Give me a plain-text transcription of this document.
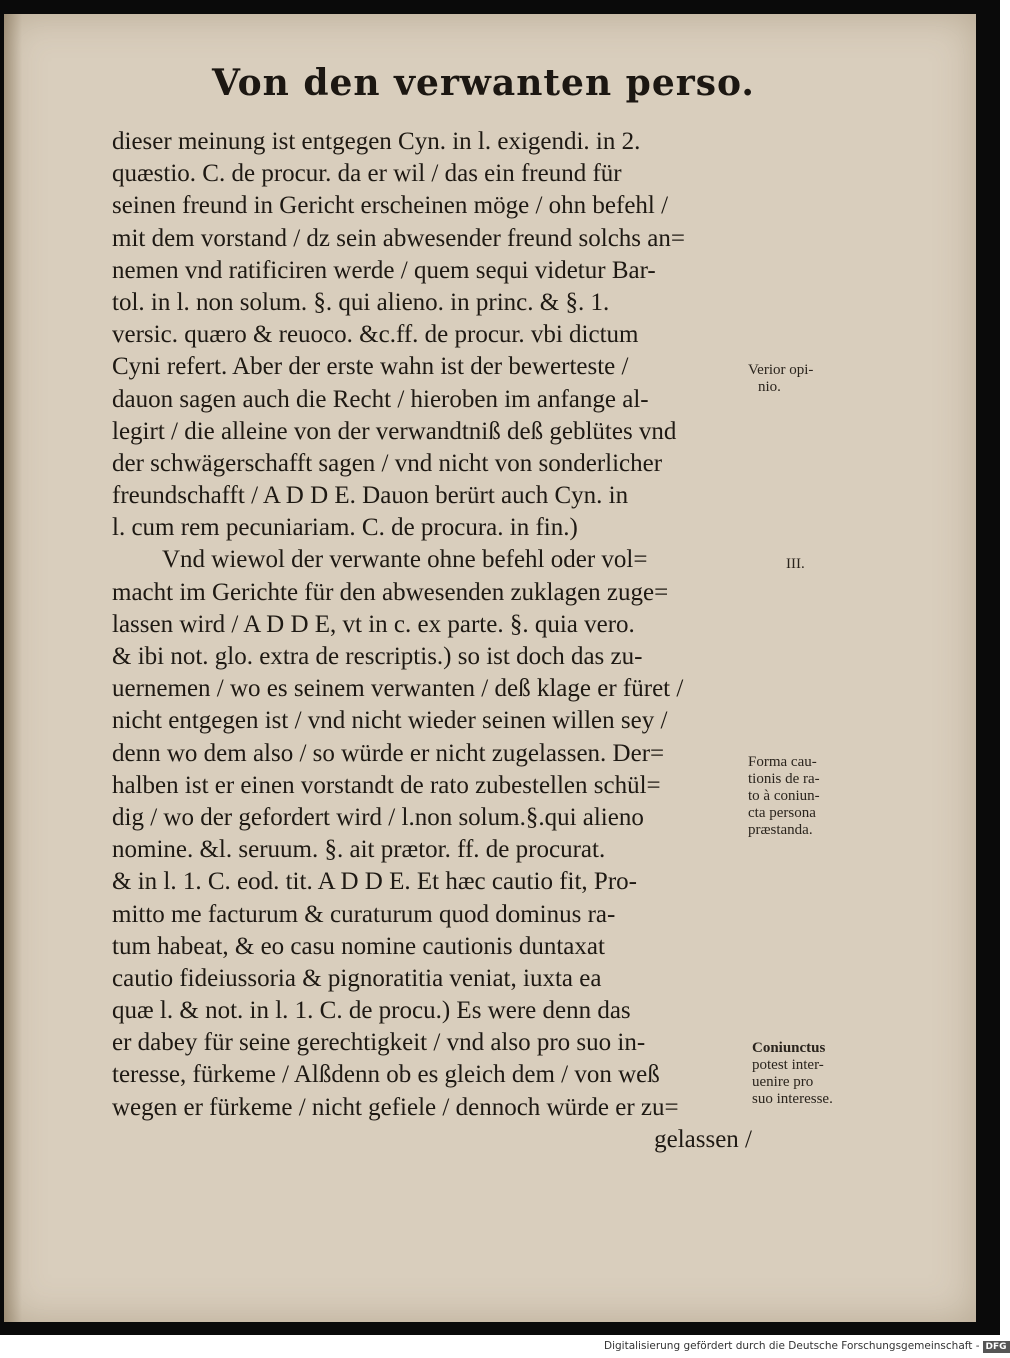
Von den verwanten perso.
dieser meinung ist entgegen Cyn. in l. exigendi. in 2.
quæstio. C. de procur. da er wil / das ein freund für
seinen freund in Gericht erscheinen möge / ohn befehl /
mit dem vorstand / dz sein abwesender freund solchs an=
nemen vnd ratificiren werde / quem sequi videtur Bar-
tol. in l. non solum. §. qui alieno. in princ. & §. 1.
versic. quæro & reuoco. &c.ff. de procur. vbi dictum
Cyni refert. Aber der erste wahn ist der bewerteste /
dauon sagen auch die Recht / hieroben im anfange al-
legirt / die alleine von der verwandtniß deß geblütes vnd
der schwägerschafft sagen / vnd nicht von sonderlicher
freundschafft / A D D E. Dauon berürt auch Cyn. in
l. cum rem pecuniariam. C. de procura. in fin.)
Vnd wiewol der verwante ohne befehl oder vol=
macht im Gerichte für den abwesenden zuklagen zuge=
lassen wird / A D D E, vt in c. ex parte. §. quia vero.
& ibi not. glo. extra de rescriptis.) so ist doch das zu-
uernemen / wo es seinem verwanten / deß klage er füret /
nicht entgegen ist / vnd nicht wieder seinen willen sey /
denn wo dem also / so würde er nicht zugelassen. Der=
halben ist er einen vorstandt de rato zubestellen schül=
dig / wo der gefordert wird / l.non solum.§.qui alieno
nomine. &l. seruum. §. ait prætor. ff. de procurat.
& in l. 1. C. eod. tit. A D D E. Et hæc cautio fit, Pro-
mitto me facturum & curaturum quod dominus ra-
tum habeat, & eo casu nomine cautionis duntaxat
cautio fideiussoria & pignoratitia veniat, iuxta ea
quæ l. & not. in l. 1. C. de procu.) Es were denn das
er dabey für seine gerechtigkeit / vnd also pro suo in-
teresse, fürkeme / Alßdenn ob es gleich dem / von weß
wegen er fürkeme / nicht gefiele / dennoch würde er zu=
gelassen /
Verior opi-
nio.
III.
Forma cau-
tionis de ra-
to à coniun-
cta persona
præstanda.
Coniunctus
potest inter-
uenire pro
suo interesse.
Digitalisierung gefördert durch die Deutsche Forschungsgemeinschaft - DFG
